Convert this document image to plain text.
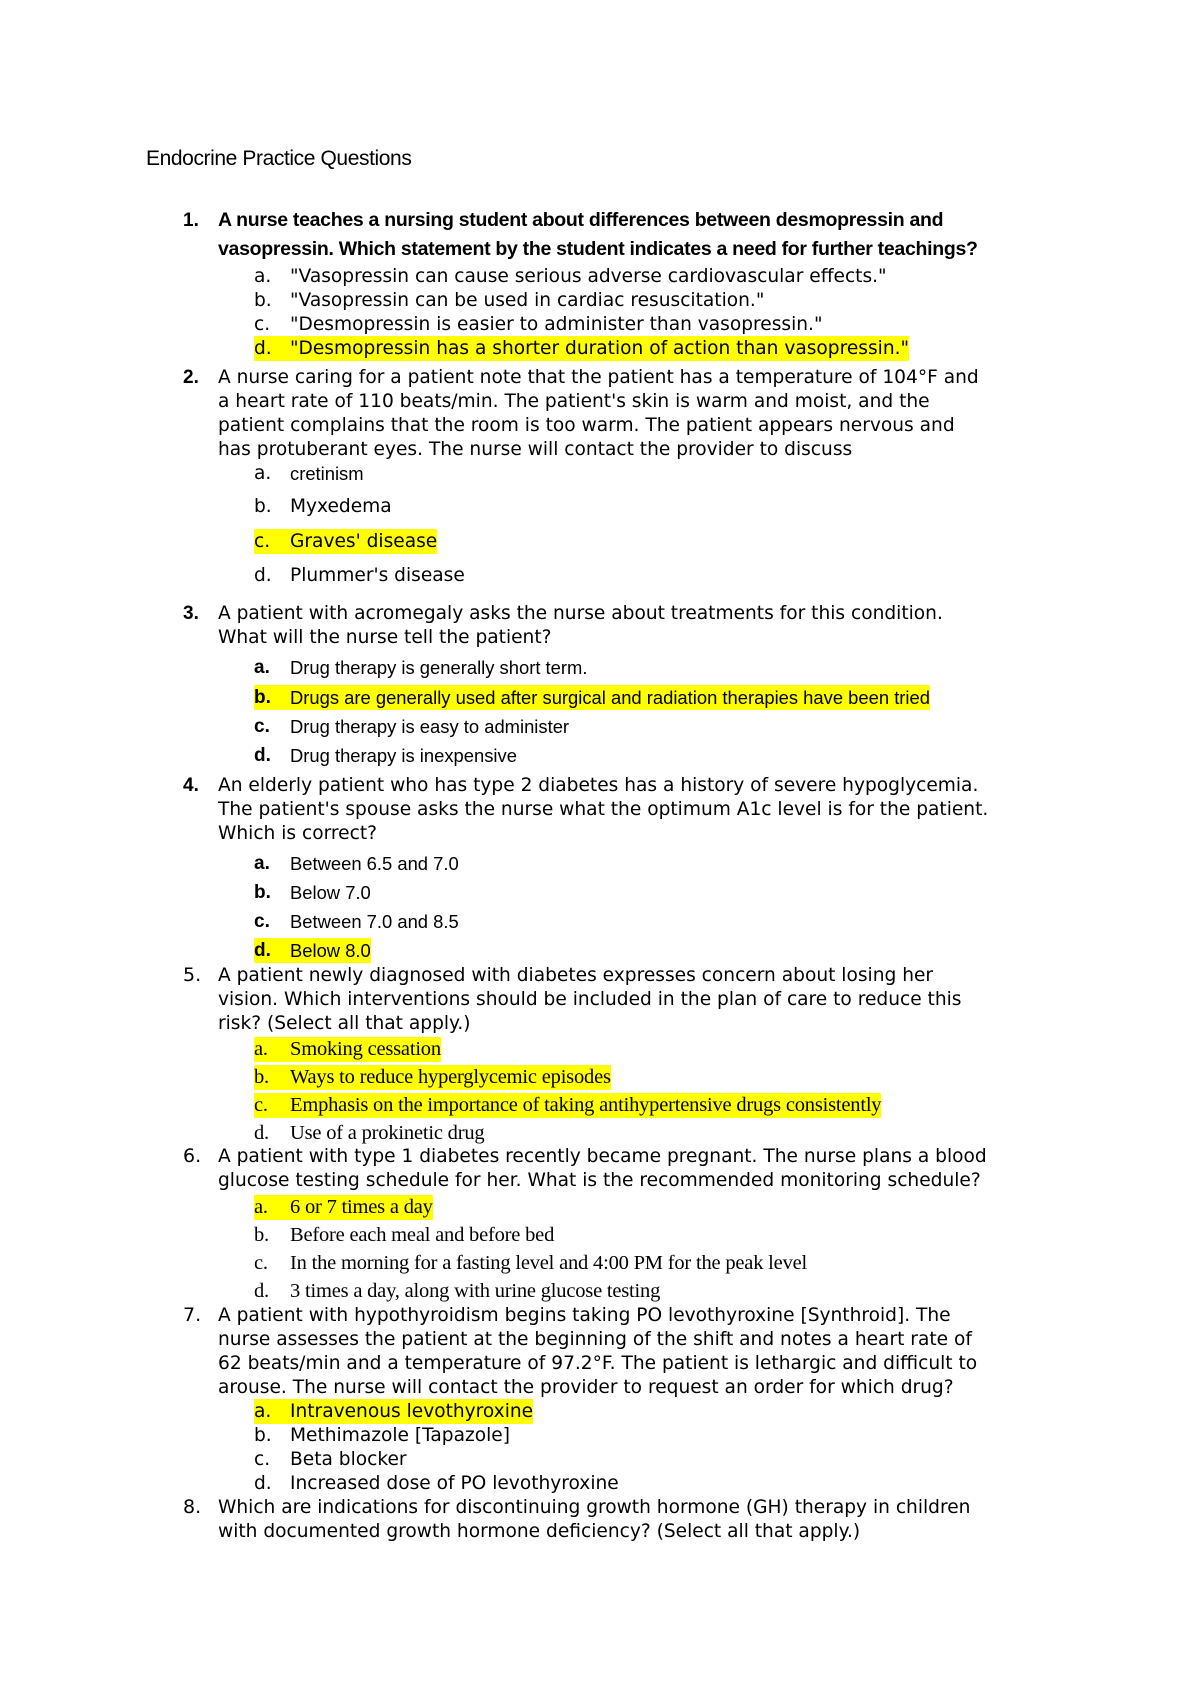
Endocrine Practice Questions
1. A nurse teaches a nursing student about differences between desmopressin and
vasopressin. Which statement by the student indicates a need for further teachings?
a. "Vasopressin can cause serious adverse cardiovascular effects."
b. "Vasopressin can be used in cardiac resuscitation."
c. "Desmopressin is easier to administer than vasopressin."
d. "Desmopressin has a shorter duration of action than vasopressin."
2. A nurse caring for a patient note that the patient has a temperature of 104°F and
a heart rate of 110 beats/min. The patient's skin is warm and moist, and the
patient complains that the room is too warm. The patient appears nervous and
has protuberant eyes. The nurse will contact the provider to discuss
a. cretinism
b. Myxedema
c.	Graves' disease
d. Plummer's disease
3. A patient with acromegaly asks the nurse about treatments for this condition.
What will the nurse tell the patient?
a. Drug therapy is generally short term.
b.	Drugs are generally used after surgical and radiation therapies have been tried
c. Drug therapy is easy to administer
d. Drug therapy is inexpensive
4. An elderly patient who has type 2 diabetes has a history of severe hypoglycemia.
The patient's spouse asks the nurse what the optimum A1c level is for the patient.
Which is correct?
a. Between 6.5 and 7.0
b. Below 7.0
c. Between 7.0 and 8.5
d.	Below 8.0
5. A patient newly diagnosed with diabetes expresses concern about losing her
vision. Which interventions should be included in the plan of care to reduce this
risk? (Select all that apply.)
a.	Smoking cessation
b.	Ways to reduce hyperglycemic episodes
c.	Emphasis on the importance of taking antihypertensive drugs consistently
d. Use of a prokinetic drug
6. A patient with type 1 diabetes recently became pregnant. The nurse plans a blood
glucose testing schedule for her. What is the recommended monitoring schedule?
a.	6 or 7 times a day
b. Before each meal and before bed
c. In the morning for a fasting level and 4:00 PM for the peak level
d. 3 times a day, along with urine glucose testing
7. A patient with hypothyroidism begins taking PO levothyroxine [Synthroid]. The
nurse assesses the patient at the beginning of the shift and notes a heart rate of
62 beats/min and a temperature of 97.2°F. The patient is lethargic and difficult to
arouse. The nurse will contact the provider to request an order for which drug?
a.	Intravenous levothyroxine
b. Methimazole [Tapazole]
c. Beta blocker
d. Increased dose of PO levothyroxine
8. Which are indications for discontinuing growth hormone (GH) therapy in children
with documented growth hormone deficiency? (Select all that apply.)
